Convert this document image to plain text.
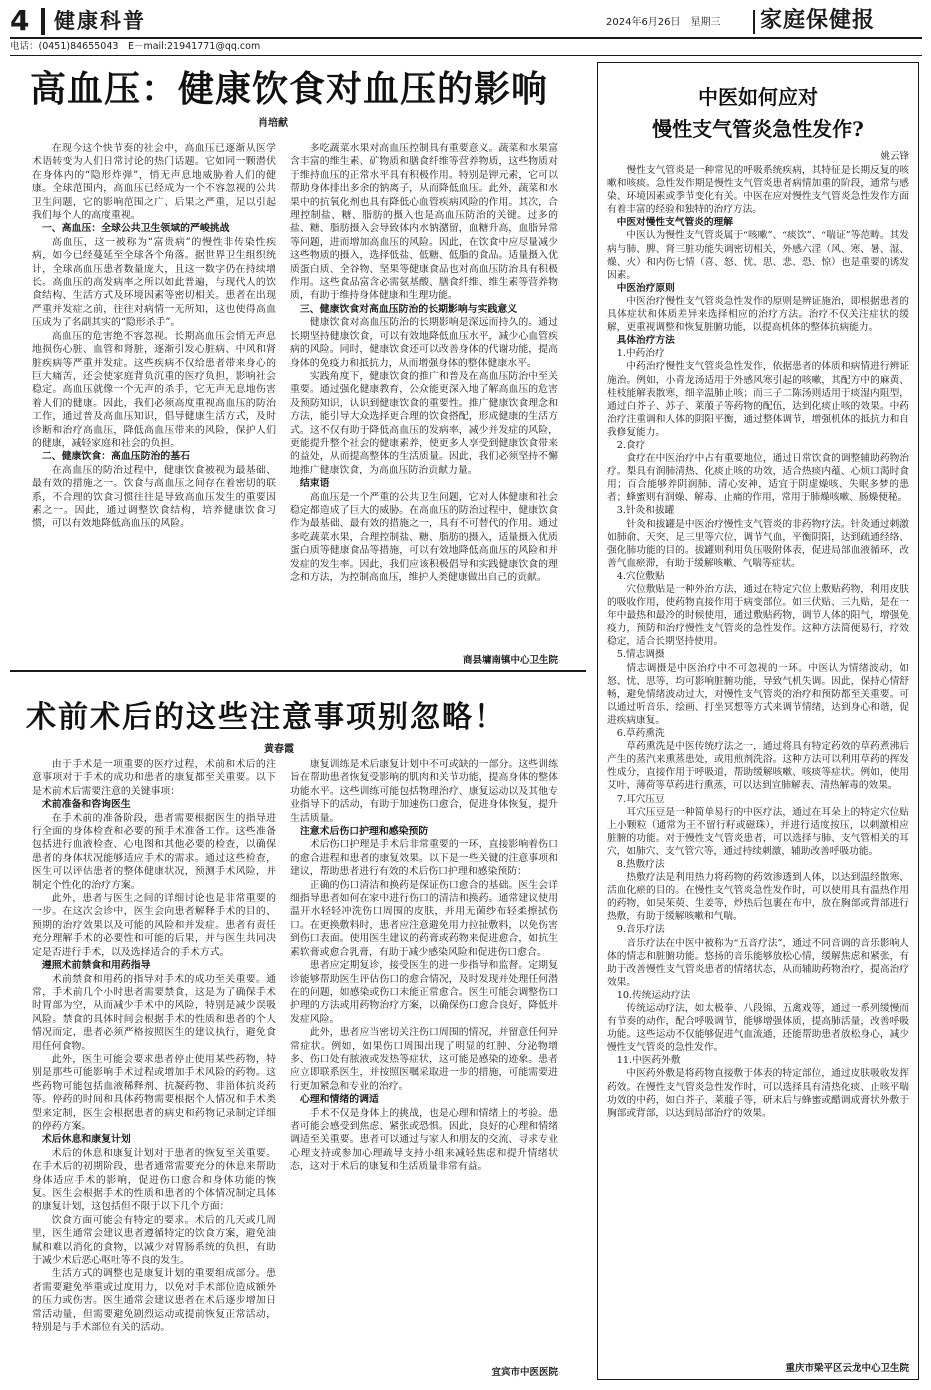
4 健康科普	2024年6月26日　星期三 家庭保健报
电话：(0451)84655043　E－mail:21941771@qq.com
高血压：健康饮食对血压的影响
肖培献

在现今这个快节奏的社会中，高血压已逐渐从医学术语转变为人们日常讨论的热门话题。它如同一颗潜伏在身体内的“隐形炸弹”，悄无声息地威胁着人们的健康。全球范围内，高血压已经成为一个不容忽视的公共卫生问题，它的影响范围之广、后果之严重，足以引起我们每个人的高度重视。

一、高血压：全球公共卫生领域的严峻挑战

高血压，这一被称为“富贵病”的慢性非传染性疾病，如今已经蔓延至全球各个角落。据世界卫生组织统计，全球高血压患者数量庞大，且这一数字仍在持续增长。高血压的高发病率之所以如此普遍，与现代人的饮食结构、生活方式及环境因素等密切相关。患者在出现严重并发症之前，往往对病情一无所知，这也使得高血压成为了名副其实的“隐形杀手”。

高血压的危害绝不容忽视。长期高血压会悄无声息地损伤心脏、血管和肾脏，逐渐引发心脏病、中风和肾脏疾病等严重并发症。这些疾病不仅给患者带来身心的巨大痛苦，还会使家庭背负沉重的医疗负担，影响社会稳定。高血压就像一个无声的杀手，它无声无息地伤害着人们的健康。因此，我们必须高度重视高血压的防治工作，通过普及高血压知识，倡导健康生活方式，及时诊断和治疗高血压，降低高血压带来的风险，保护人们的健康，减轻家庭和社会的负担。

二、健康饮食：高血压防治的基石

在高血压的防治过程中，健康饮食被视为最基础、最有效的措施之一。饮食与高血压之间存在着密切的联系，不合理的饮食习惯往往是导致高血压发生的重要因素之一。因此，通过调整饮食结构，培养健康饮食习惯，可以有效地降低高血压的风险。

多吃蔬菜水果对高血压控制具有重要意义。蔬菜和水果富含丰富的维生素、矿物质和膳食纤维等营养物质，这些物质对于维持血压的正常水平具有积极作用。特别是钾元素，它可以帮助身体排出多余的钠离子，从而降低血压。此外，蔬菜和水果中的抗氧化剂也具有降低心血管疾病风险的作用。其次，合理控制盐、糖、脂肪的摄入也是高血压防治的关键。过多的盐、糖、脂肪摄入会导致体内水钠潴留，血糖升高，血脂异常等问题，进而增加高血压的风险。因此，在饮食中应尽量减少这些物质的摄入，选择低盐、低糖、低脂的食品。适量摄入优质蛋白质、全谷物、坚果等健康食品也对高血压防治具有积极作用。这些食品富含必需氨基酸、膳食纤维、维生素等营养物质，有助于维持身体健康和生理功能。

三、健康饮食对高血压防治的长期影响与实践意义

健康饮食对高血压防治的长期影响是深远而持久的。通过长期坚持健康饮食，可以有效地降低血压水平，减少心血管疾病的风险。同时，健康饮食还可以改善身体的代谢功能，提高身体的免疫力和抵抗力，从而增强身体的整体健康水平。

实践角度下，健康饮食的推广和普及在高血压防治中至关重要。通过强化健康教育，公众能更深入地了解高血压的危害及预防知识，认识到健康饮食的重要性。推广健康饮食理念和方法，能引导大众选择更合理的饮食搭配，形成健康的生活方式。这不仅有助于降低高血压的发病率，减少并发症的风险，更能提升整个社会的健康素养，使更多人享受到健康饮食带来的益处，从而提高整体的生活质量。因此，我们必须坚持不懈地推广健康饮食，为高血压防治贡献力量。

结束语

高血压是一个严重的公共卫生问题，它对人体健康和社会稳定都造成了巨大的威胁。在高血压的防治过程中，健康饮食作为最基础、最有效的措施之一，具有不可替代的作用。通过多吃蔬菜水果，合理控制盐、糖、脂肪的摄入，适量摄入优质蛋白质等健康食品等措施，可以有效地降低高血压的风险和并发症的发生率。因此，我们应该积极倡导和实践健康饮食的理念和方法，为控制高血压，维护人类健康做出自己的贡献。

商县墉南镇中心卫生院
术前术后的这些注意事项别忽略！
黄春霞

由于手术是一项重要的医疗过程，术前和术后的注意事项对于手术的成功和患者的康复都至关重要。以下是术前术后需要注意的关键事项：

术前准备和咨询医生

在手术前的准备阶段，患者需要根据医生的指导进行全面的身体检查和必要的预手术准备工作。这些准备包括进行血液检查、心电图和其他必要的检查，以确保患者的身体状况能够适应手术的需求。通过这些检查，医生可以评估患者的整体健康状况，预测手术风险，并制定个性化的治疗方案。

此外，患者与医生之间的详细讨论也是非常重要的一步。在这次会诊中，医生会向患者解释手术的目的、预期的治疗效果以及可能的风险和并发症。患者有责任充分理解手术的必要性和可能的后果，并与医生共同决定是否进行手术，以及选择适合的手术方式。

遵照术前禁食和用药指导

术前禁食和用药的指导对手术的成功至关重要。通常，手术前几个小时患者需要禁食，这是为了确保手术时胃部为空，从而减少手术中的风险，特别是减少误吸风险。禁食的具体时间会根据手术的性质和患者的个人情况而定，患者必须严格按照医生的建议执行，避免食用任何食物。

此外，医生可能会要求患者停止使用某些药物，特别是那些可能影响手术过程或增加手术风险的药物。这些药物可能包括血液稀释剂、抗凝药物、非甾体抗炎药等。停药的时间和具体药物需要根据个人情况和手术类型来定制，医生会根据患者的病史和药物记录制定详细的停药方案。

术后休息和康复计划

术后的休息和康复计划对于患者的恢复至关重要。在手术后的初期阶段，患者通常需要充分的休息来帮助身体适应手术的影响，促进伤口愈合和身体功能的恢复。医生会根据手术的性质和患者的个体情况制定具体的康复计划，这包括但不限于以下几个方面：

饮食方面可能会有特定的要求。术后的几天或几周里，医生通常会建议患者遵循特定的饮食方案，避免油腻和难以消化的食物，以减少对胃肠系统的负担，有助于减少术后恶心呕吐等不良的发生。

生活方式的调整也是康复计划的重要组成部分。患者需要避免举重或过度用力，以免对手术部位造成额外的压力或伤害。医生通常会建议患者在术后逐步增加日常活动量，但需要避免剧烈运动或提前恢复正常活动，特别是与手术部位有关的活动。

康复训练是术后康复计划中不可或缺的一部分。这些训练旨在帮助患者恢复受影响的肌肉和关节功能，提高身体的整体功能水平。这些训练可能包括物理治疗、康复运动以及其他专业指导下的活动，有助于加速伤口愈合，促进身体恢复，提升生活质量。

注意术后伤口护理和感染预防

术后伤口护理是手术后非常重要的一环，直接影响着伤口的愈合进程和患者的康复效果。以下是一些关键的注意事项和建议，帮助患者进行有效的术后伤口护理和感染预防：

正确的伤口清洁和换药是保证伤口愈合的基础。医生会详细指导患者如何在家中进行伤口的清洁和换药。通常建议使用温开水轻轻冲洗伤口周围的皮肤，并用无菌纱布轻柔擦拭伤口。在更换敷料时，患者应注意避免用力拉扯敷料，以免伤害到伤口表面。使用医生建议的药膏或药物来促进愈合，如抗生素软膏或愈合乳膏，有助于减少感染风险和促进伤口愈合。

患者应定期复诊，接受医生的进一步指导和监督。定期复诊能够帮助医生评估伤口的愈合情况，及时发现并处理任何潜在的问题，如感染或伤口未能正常愈合。医生可能会调整伤口护理的方法或用药物治疗方案，以确保伤口愈合良好，降低并发症风险。

此外，患者应当密切关注伤口周围的情况，并留意任何异常症状。例如，如果伤口周围出现了明显的红肿、分泌物增多、伤口处有脓液或发热等症状，这可能是感染的迹象。患者应立即联系医生，并按照医嘱采取进一步的措施，可能需要进行更加紧急和专业的治疗。

心理和情绪的调适

手术不仅是身体上的挑战，也是心理和情绪上的考验。患者可能会感受到焦虑、紧张或恐惧。因此，良好的心理和情绪调适至关重要。患者可以通过与家人和朋友的交流、寻求专业心理支持或参加心理疏导支持小组来减轻焦虑和提升情绪状态，这对于术后的康复和生活质量非常有益。

宜宾市中医医院
中医如何应对
慢性支气管炎急性发作?
姚云锋

慢性支气管炎是一种常见的呼吸系统疾病，其特征是长期反复的咳嗽和咳痰。急性发作期是慢性支气管炎患者病情加重的阶段，通常与感染、环境因素或季节变化有关。中医在应对慢性支气管炎急性发作方面有着丰富的经验和独特的治疗方法。

中医对慢性支气管炎的理解

中医认为慢性支气管炎属于“咳嗽”、“痰饮”、“喘证”等范畴。其发病与肺、脾、肾三脏功能失调密切相关，外感六淫（风、寒、暑、湿、燥、火）和内伤七情（喜、怒、忧、思、悲、恐、惊）也是重要的诱发因素。

中医治疗原则

中医治疗慢性支气管炎急性发作的原则是辨证施治，即根据患者的具体症状和体质差异来选择相应的治疗方法。治疗不仅关注症状的缓解，更重视调整和恢复脏腑功能，以提高机体的整体抗病能力。

具体治疗方法

1.中药治疗

中药治疗慢性支气管炎急性发作，依据患者的体质和病情进行辨证施治。例如，小青龙汤适用于外感风寒引起的咳嗽，其配方中的麻黄、桂枝能解表散寒，细辛温肺止咳；而三子二陈汤则适用于痰湿内阻型，通过白芥子、苏子、莱菔子等药物的配伍，达到化痰止咳的效果。中药治疗注重调和人体的阴阳平衡，通过整体调节，增强机体的抵抗力和自我修复能力。

2.食疗

食疗在中医治疗中占有重要地位，通过日常饮食的调整辅助药物治疗。梨具有润肺清热、化痰止咳的功效，适合热痰内蕴、心烦口渴时食用；百合能够养阴润肺、清心安神，适宜于阴虚燥咳、失眠多梦的患者；蜂蜜则有润燥、解毒、止痛的作用，常用于肺燥咳嗽、肠燥便秘。

3.针灸和拔罐

针灸和拔罐是中医治疗慢性支气管炎的非药物疗法。针灸通过刺激如肺俞、天突、足三里等穴位，调节气血，平衡阴阳，达到疏通经络、强化肺功能的目的。拔罐则利用负压吸附体表，促进局部血液循环，改善气血瘀滞，有助于缓解咳嗽、气喘等症状。

4.穴位敷贴

穴位敷贴是一种外治方法，通过在特定穴位上敷贴药物，利用皮肤的吸收作用，使药物直接作用于病变部位。如三伏贴、三九贴，是在一年中最热和最冷的时候使用，通过敷贴药物，调节人体的阳气，增强免疫力，预防和治疗慢性支气管炎的急性发作。这种方法简便易行，疗效稳定，适合长期坚持使用。

5.情志调摄

情志调摄是中医治疗中不可忽视的一环。中医认为情绪波动，如怒、忧、思等，均可影响脏腑功能，导致气机失调。因此，保持心情舒畅，避免情绪波动过大，对慢性支气管炎的治疗和预防都至关重要。可以通过听音乐、绘画、打坐冥想等方式来调节情绪，达到身心和谐，促进疾病康复。

6.草药熏洗

草药熏洗是中医传统疗法之一，通过将具有特定药效的草药煮沸后产生的蒸汽来熏蒸患处，或用煎剂洗浴。这种方法可以利用草药的挥发性成分，直接作用于呼吸道，帮助缓解咳嗽、咳痰等症状。例如，使用艾叶、薄荷等草药进行熏蒸，可以达到宣肺解表、清热解毒的效果。

7.耳穴压豆

耳穴压豆是一种简单易行的中医疗法，通过在耳朵上的特定穴位贴上小颗粒（通常为王不留行籽或磁珠），并进行适度按压，以刺激相应脏腑的功能。对于慢性支气管炎患者，可以选择与肺、支气管相关的耳穴，如肺穴、支气管穴等，通过持续刺激，辅助改善呼吸功能。

8.热敷疗法

热敷疗法是利用热力将药物的药效渗透到人体，以达到温经散寒、活血化瘀的目的。在慢性支气管炎急性发作时，可以使用具有温热作用的药物，如吴茱萸、生姜等，炒热后包裹在布中，放在胸部或背部进行热敷，有助于缓解咳嗽和气喘。

9.音乐疗法

音乐疗法在中医中被称为“五音疗法”，通过不同音调的音乐影响人体的情志和脏腑功能。悠扬的音乐能够放松心情，缓解焦虑和紧张，有助于改善慢性支气管炎患者的情绪状态，从而辅助药物治疗，提高治疗效果。

10.传统运动疗法

传统运动疗法，如太极拳、八段锦、五禽戏等，通过一系列缓慢而有节奏的动作，配合呼吸调节，能够增强体质，提高肺活量，改善呼吸功能。这些运动不仅能够促进气血流通，还能帮助患者放松身心，减少慢性支气管炎的急性发作。

11.中医药外敷

中医药外敷是将药物直接敷于体表的特定部位，通过皮肤吸收发挥药效。在慢性支气管炎急性发作时，可以选择具有清热化痰、止咳平喘功效的中药，如白芥子、莱菔子等，研末后与蜂蜜或醋调成膏状外敷于胸部或背部，以达到局部治疗的效果。

重庆市梁平区云龙中心卫生院
